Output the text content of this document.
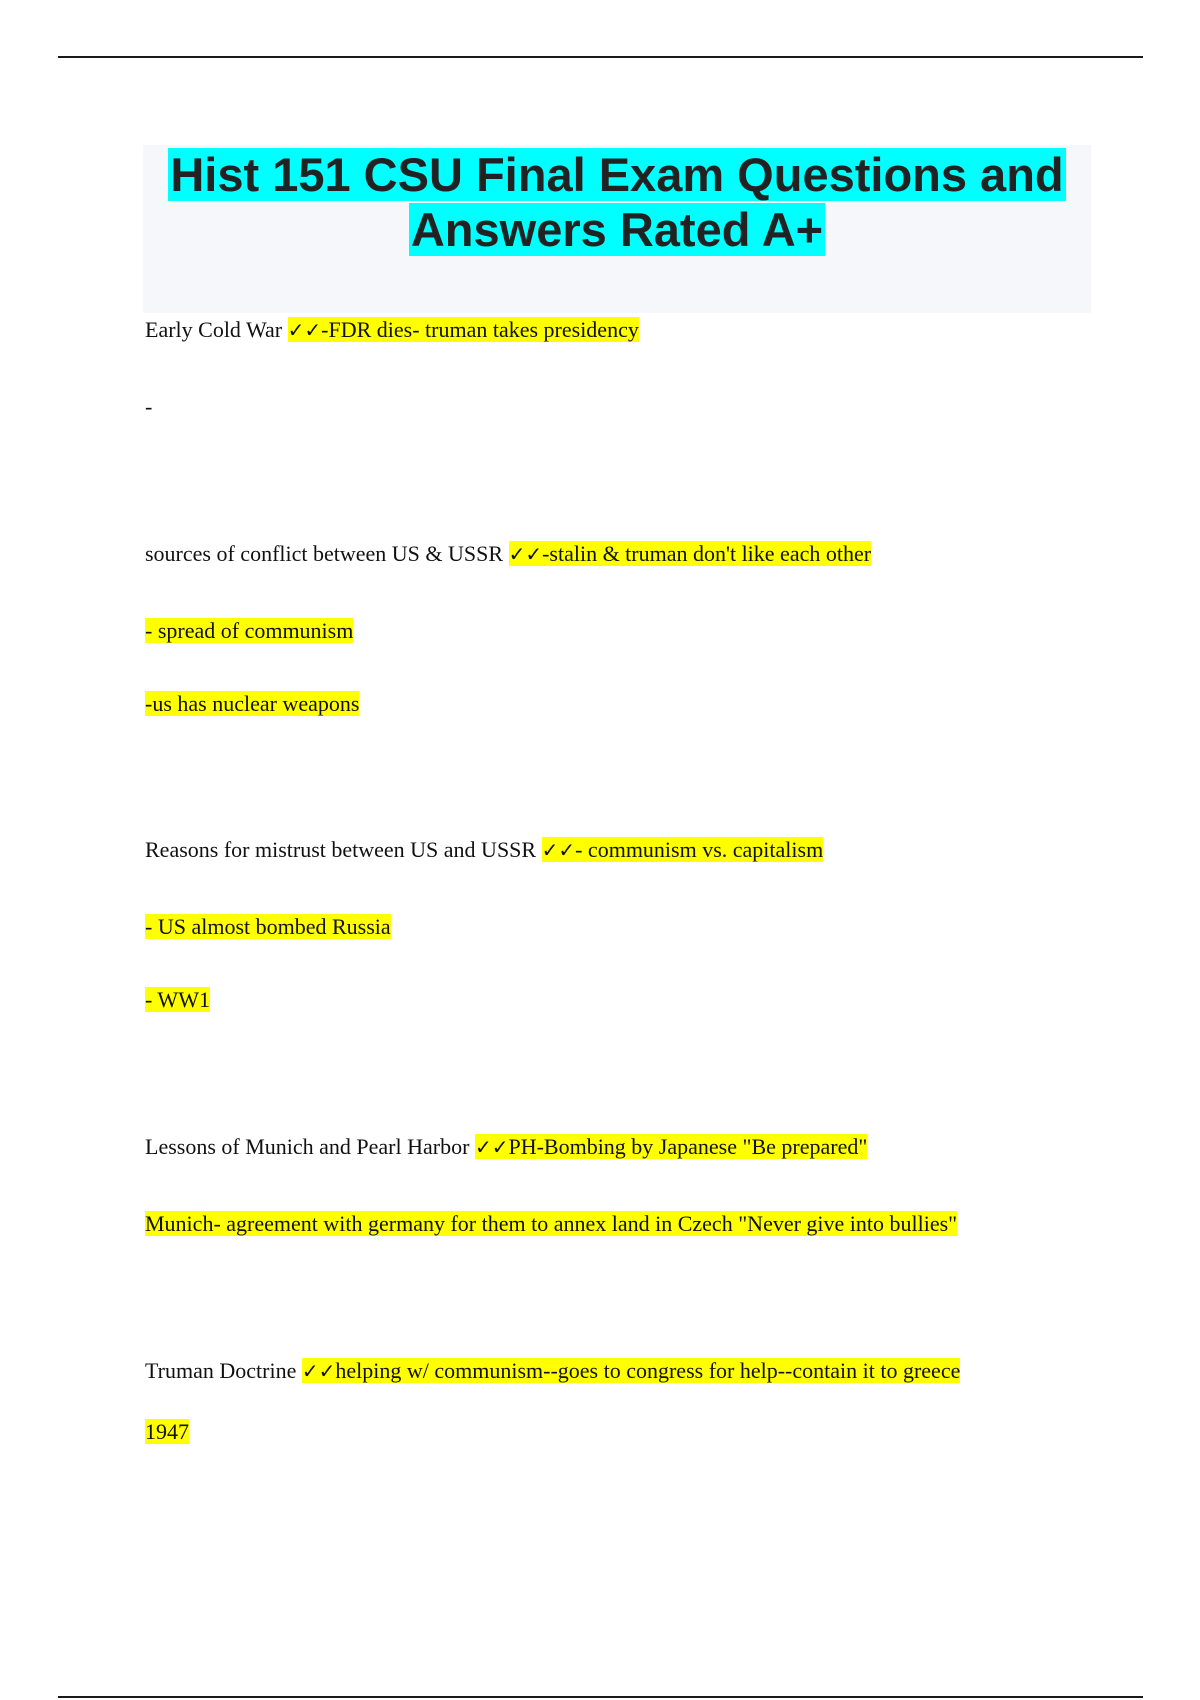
Hist 151 CSU Final Exam Questions and
Answers Rated A+
Early Cold War ✓✓-FDR dies- truman takes presidency
-
sources of conflict between US & USSR ✓✓-stalin & truman don't like each other
- spread of communism
-us has nuclear weapons
Reasons for mistrust between US and USSR ✓✓- communism vs. capitalism
- US almost bombed Russia
- WW1
Lessons of Munich and Pearl Harbor ✓✓PH-Bombing by Japanese "Be prepared"
Munich- agreement with germany for them to annex land in Czech "Never give into bullies"
Truman Doctrine ✓✓helping w/ communism--goes to congress for help--contain it to greece
1947
